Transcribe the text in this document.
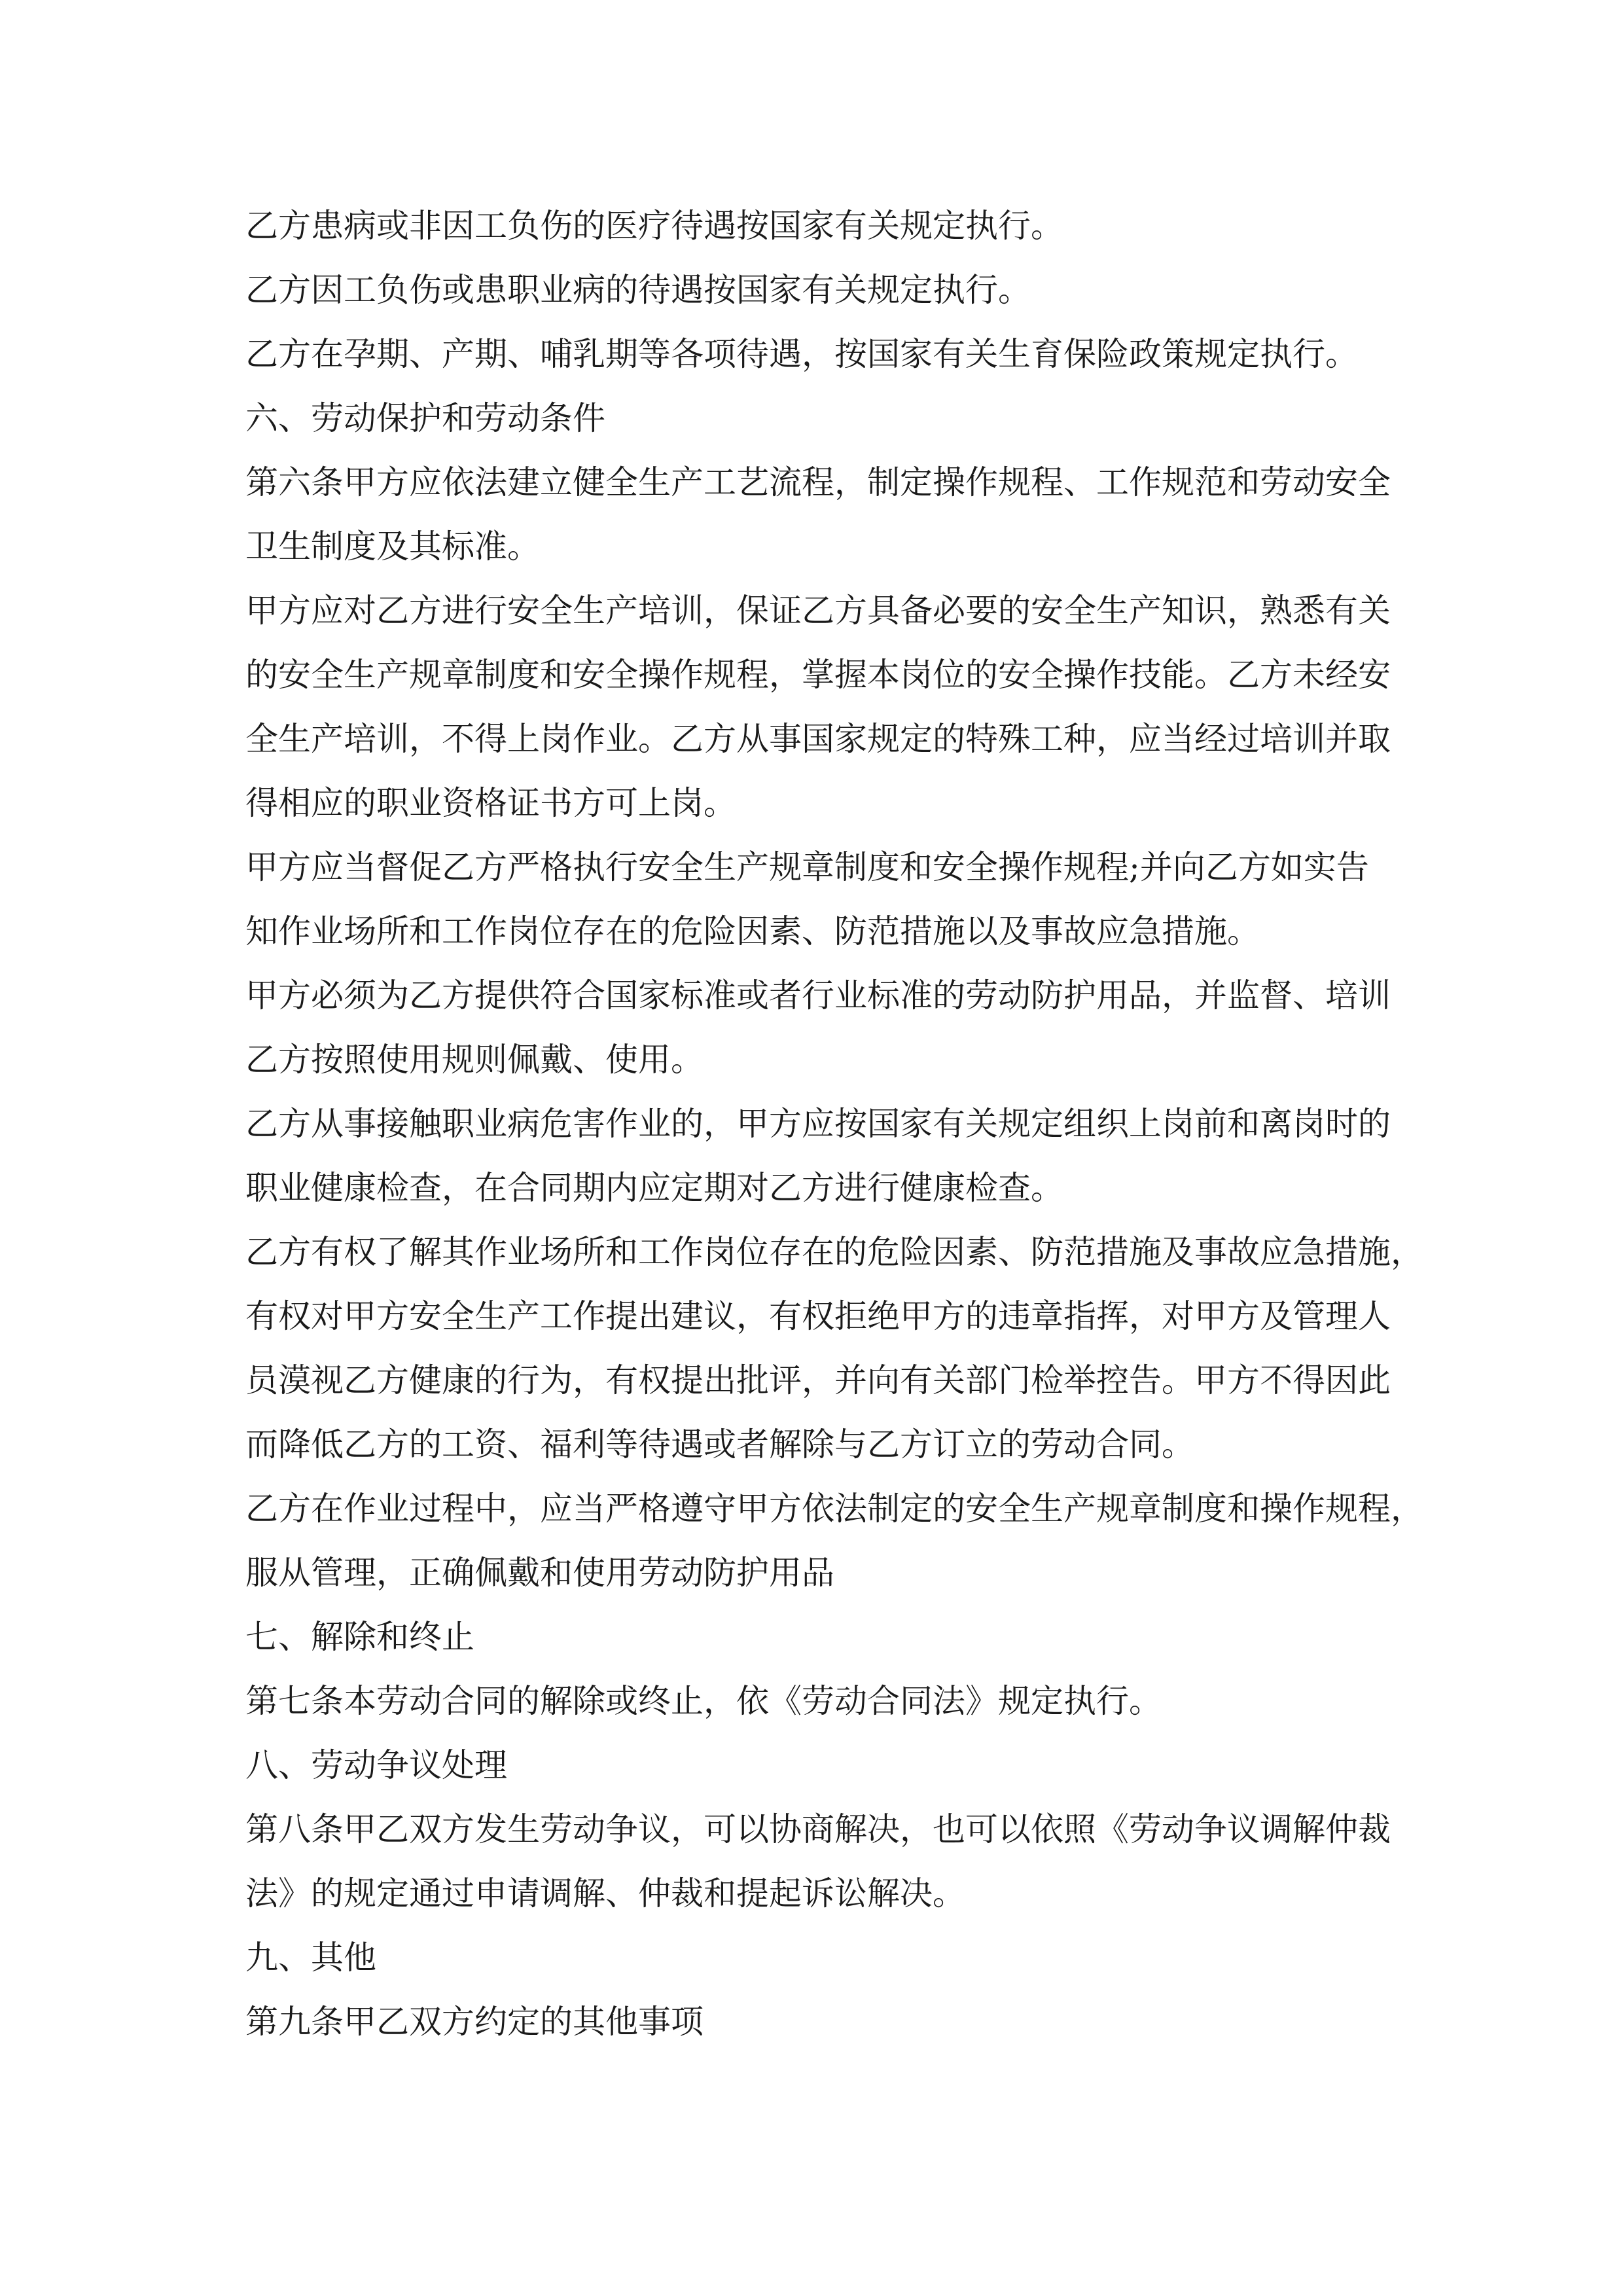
乙方患病或非因工负伤的医疗待遇按国家有关规定执行。
乙方因工负伤或患职业病的待遇按国家有关规定执行。
乙方在孕期、产期、哺乳期等各项待遇，按国家有关生育保险政策规定执行。
六、劳动保护和劳动条件
第六条甲方应依法建立健全生产工艺流程，制定操作规程、工作规范和劳动安全
卫生制度及其标准。
甲方应对乙方进行安全生产培训，保证乙方具备必要的安全生产知识，熟悉有关
的安全生产规章制度和安全操作规程，掌握本岗位的安全操作技能。乙方未经安
全生产培训，不得上岗作业。乙方从事国家规定的特殊工种，应当经过培训并取
得相应的职业资格证书方可上岗。
甲方应当督促乙方严格执行安全生产规章制度和安全操作规程;并向乙方如实告
知作业场所和工作岗位存在的危险因素、防范措施以及事故应急措施。
甲方必须为乙方提供符合国家标准或者行业标准的劳动防护用品，并监督、培训
乙方按照使用规则佩戴、使用。
乙方从事接触职业病危害作业的，甲方应按国家有关规定组织上岗前和离岗时的
职业健康检查，在合同期内应定期对乙方进行健康检查。
乙方有权了解其作业场所和工作岗位存在的危险因素、防范措施及事故应急措施，
有权对甲方安全生产工作提出建议，有权拒绝甲方的违章指挥，对甲方及管理人
员漠视乙方健康的行为，有权提出批评，并向有关部门检举控告。甲方不得因此
而降低乙方的工资、福利等待遇或者解除与乙方订立的劳动合同。
乙方在作业过程中，应当严格遵守甲方依法制定的安全生产规章制度和操作规程，
服从管理，正确佩戴和使用劳动防护用品
七、解除和终止
第七条本劳动合同的解除或终止，依《劳动合同法》规定执行。
八、劳动争议处理
第八条甲乙双方发生劳动争议，可以协商解决，也可以依照《劳动争议调解仲裁
法》的规定通过申请调解、仲裁和提起诉讼解决。
九、其他
第九条甲乙双方约定的其他事项
